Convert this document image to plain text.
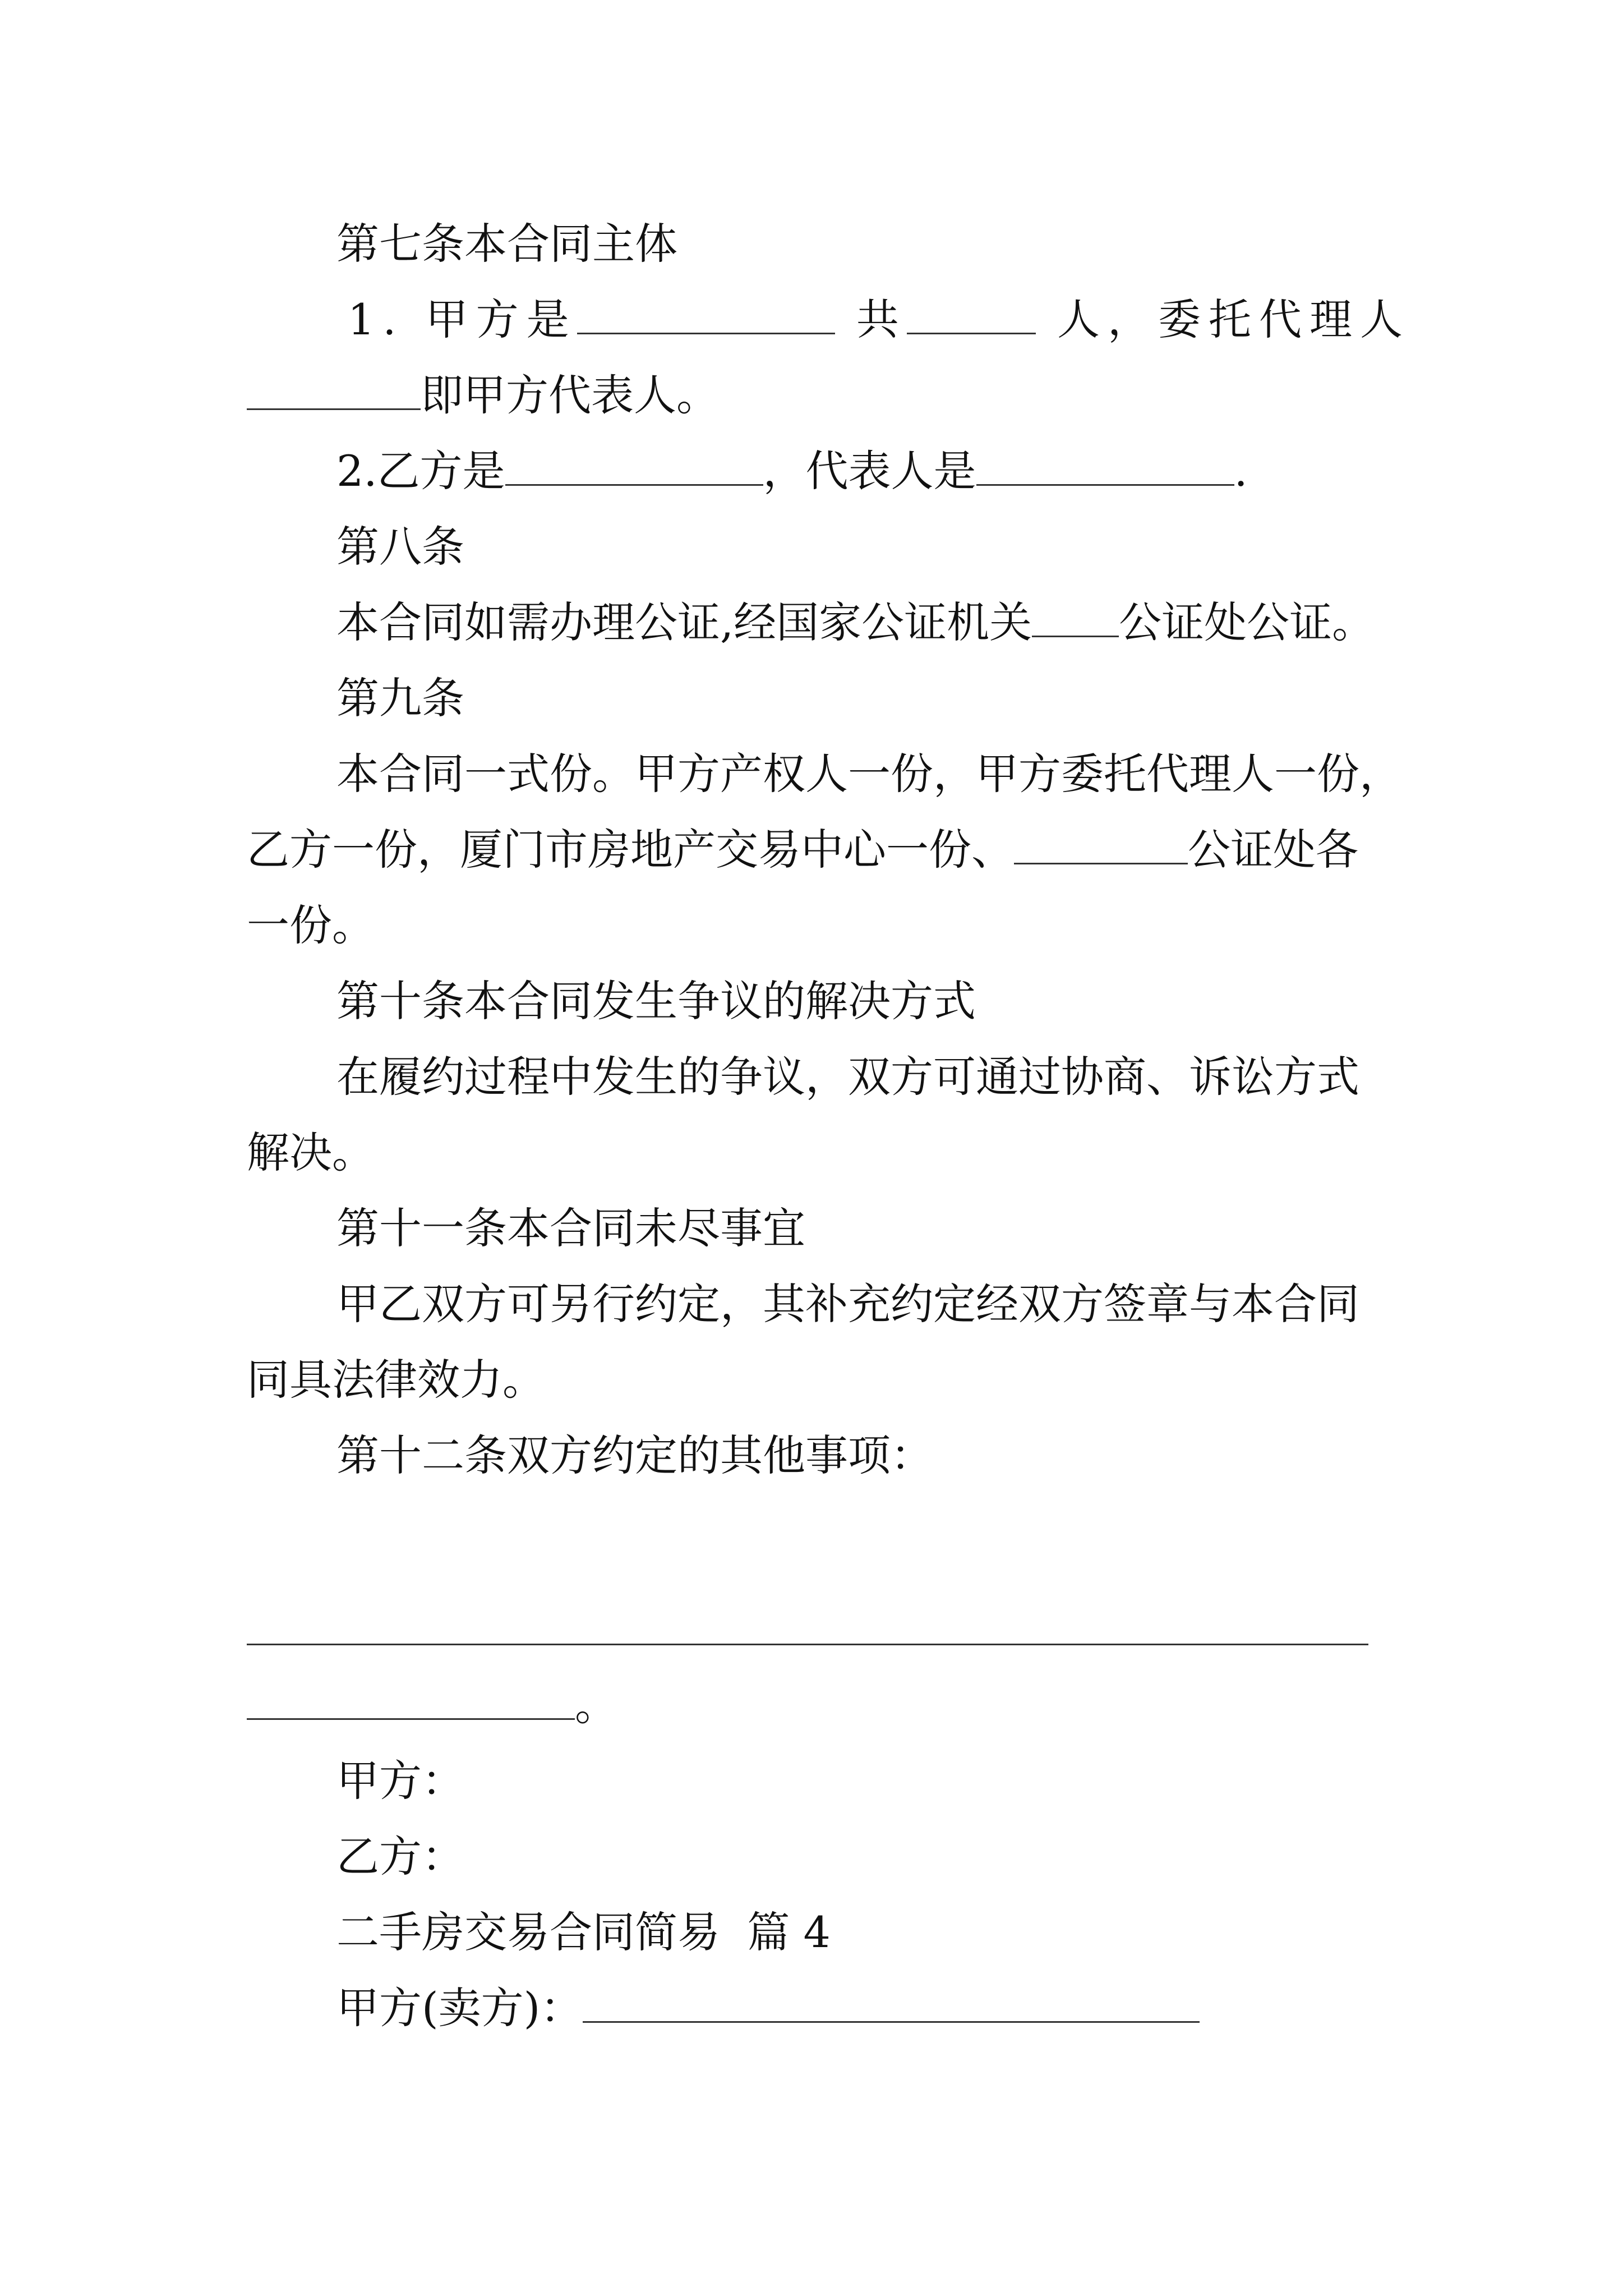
第七条本合同主体
1. 甲方是	共	人，委托代理人
即甲方代表人。
2.乙方是	，代表人是	.
第八条
本合同如需办理公证,经国家公证机关 公证处公证。
第九条
本合同一式份。甲方产权人一份，甲方委托代理人一份，
乙方一份，厦门市房地产交易中心一份、	公证处各
一份。
第十条本合同发生争议的解决方式
在履约过程中发生的争议，双方可通过协商、诉讼方式
解决。
第十一条本合同未尽事宜
甲乙双方可另行约定，其补充约定经双方签章与本合同
同具法律效力。
第十二条双方约定的其他事项：
。
甲方：
乙方：
二手房交易合同简易  篇 4
甲方(卖方)：
